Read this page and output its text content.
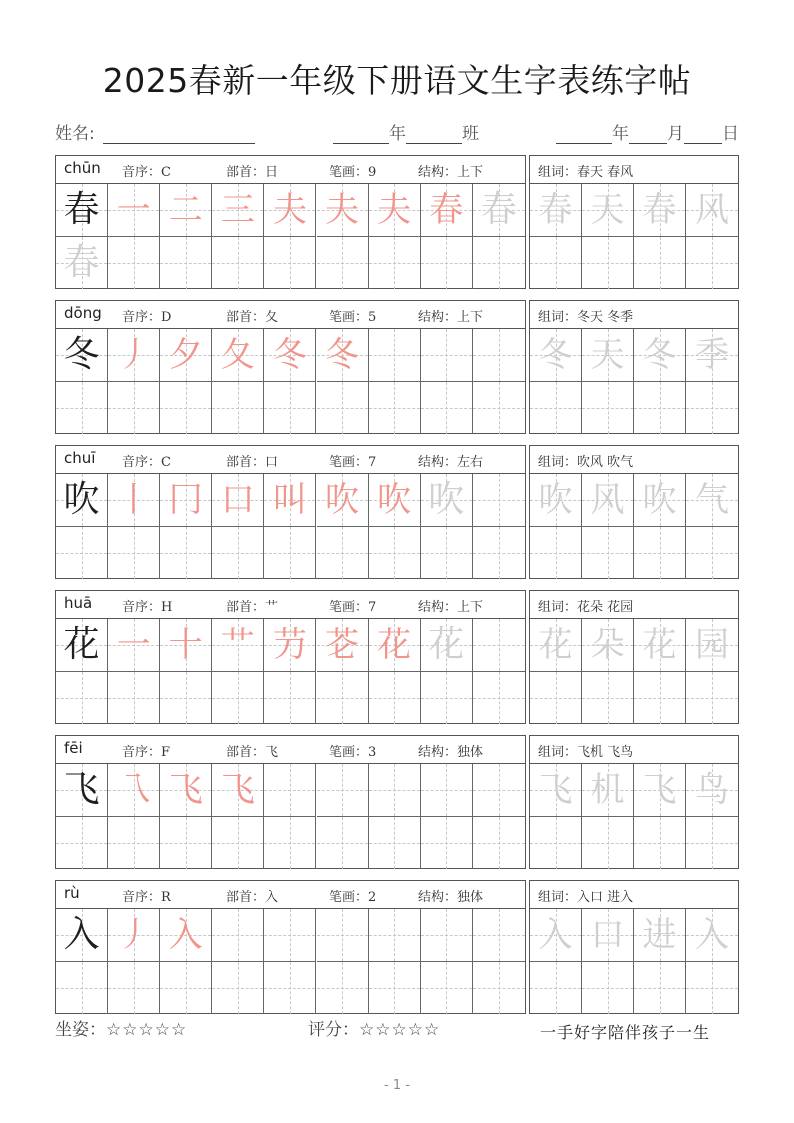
2025春新一年级下册语文生字表练字帖
姓名:	年	班	年 月 日
chūn 音序：C	部首：日	笔画：9	结构：上下
春 一 二 三 夫 夫 夫 春 春
春
组词：春天 春风
春 天 春 风
dōng 音序：D	部首：夂	笔画：5	结构：上下
冬 丿 夕 夂 冬 冬
组词：冬天 冬季
冬 天 冬 季
chuī 音序：C	部首：口	笔画：7	结构：左右
吹 丨 冂 口 叫 吹 吹 吹
组词：吹风 吹气
吹 风 吹 气
huā 音序：H	部首：艹	笔画：7	结构：上下
花 一 十 艹 芀 芲 花 花
组词：花朵 花园
花 朵 花 园
fēi	音序：F	部首：飞	笔画：3	结构：独体
飞 乁 飞 飞
组词：飞机 飞鸟
飞 机 飞 鸟
rù	音序：R	部首：入	笔画：2	结构：独体
入 丿 入
组词：入口 进入
入 口 进 入
坐姿：☆☆☆☆☆	评分：☆☆☆☆☆	一手好字陪伴孩子一生
- 1 -
